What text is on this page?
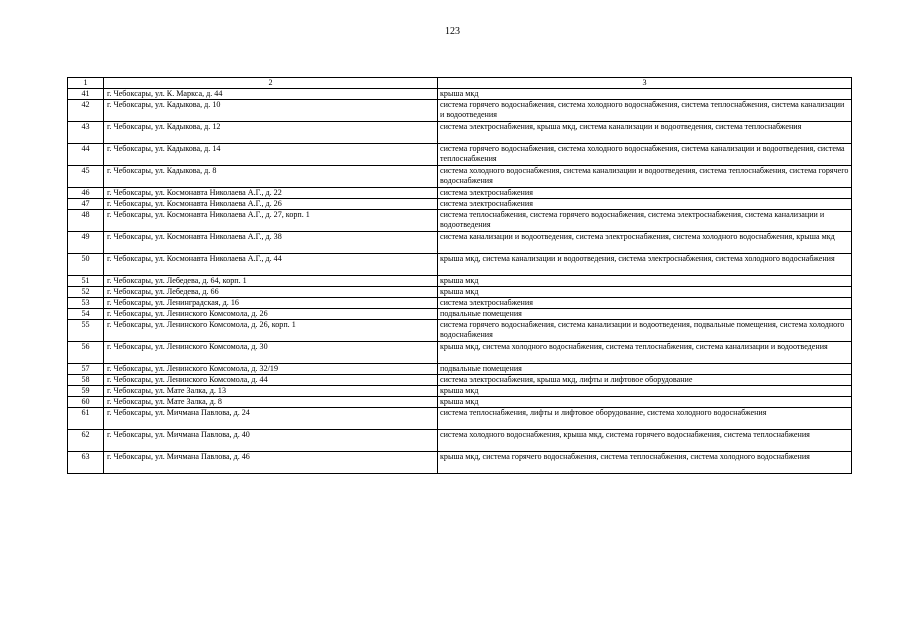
123
1	2	3
41	г. Чебоксары, ул. К. Маркса, д. 44	крыша мкд
42	г. Чебоксары, ул. Кадыкова, д. 10	система горячего водоснабжения, система холодного водоснабжения, система теплоснабжения, система канализации и водоотведения
43	г. Чебоксары, ул. Кадыкова, д. 12	система электроснабжения, крыша мкд, система канализации и водоотведения, система теплоснабжения
44	г. Чебоксары, ул. Кадыкова, д. 14	система горячего водоснабжения, система холодного водоснабжения, система канализации и водоотведения, система теплоснабжения
45	г. Чебоксары, ул. Кадыкова, д. 8	система холодного водоснабжения, система канализации и водоотведения, система теплоснабжения, система горячего водоснабжения
46	г. Чебоксары, ул. Космонавта Николаева А.Г., д. 22	система электроснабжения
47	г. Чебоксары, ул. Космонавта Николаева А.Г., д. 26	система электроснабжения
48	г. Чебоксары, ул. Космонавта Николаева А.Г., д. 27, корп. 1	система теплоснабжения, система горячего водоснабжения, система электроснабжения, система канализации и водоотведения
49	г. Чебоксары, ул. Космонавта Николаева А.Г., д. 38	система канализации и водоотведения, система электроснабжения, система холодного водоснабжения, крыша мкд
50	г. Чебоксары, ул. Космонавта Николаева А.Г., д. 44	крыша мкд, система канализации и водоотведения, система электроснабжения, система холодного водоснабжения
51	г. Чебоксары, ул. Лебедева, д. 64, корп. 1	крыша мкд
52	г. Чебоксары, ул. Лебедева, д. 66	крыша мкд
53	г. Чебоксары, ул. Ленинградская, д. 16	система электроснабжения
54	г. Чебоксары, ул. Ленинского Комсомола, д. 26	подвальные помещения
55	г. Чебоксары, ул. Ленинского Комсомола, д. 26, корп. 1	система горячего водоснабжения, система канализации и водоотведения, подвальные помещения, система холодного водоснабжения
56	г. Чебоксары, ул. Ленинского Комсомола, д. 30	крыша мкд, система холодного водоснабжения, система теплоснабжения, система канализации и водоотведения
57	г. Чебоксары, ул. Ленинского Комсомола, д. 32/19	подвальные помещения
58	г. Чебоксары, ул. Ленинского Комсомола, д. 44	система электроснабжения, крыша мкд, лифты и лифтовое оборудование
59	г. Чебоксары, ул. Мате Залка, д. 13	крыша мкд
60	г. Чебоксары, ул. Мате Залка, д. 8	крыша мкд
61	г. Чебоксары, ул. Мичмана Павлова, д. 24	система теплоснабжения, лифты и лифтовое оборудование, система холодного водоснабжения
62	г. Чебоксары, ул. Мичмана Павлова, д. 40	система холодного водоснабжения, крыша мкд, система горячего водоснабжения, система теплоснабжения
63	г. Чебоксары, ул. Мичмана Павлова, д. 46	крыша мкд, система горячего водоснабжения, система теплоснабжения, система холодного водоснабжения
